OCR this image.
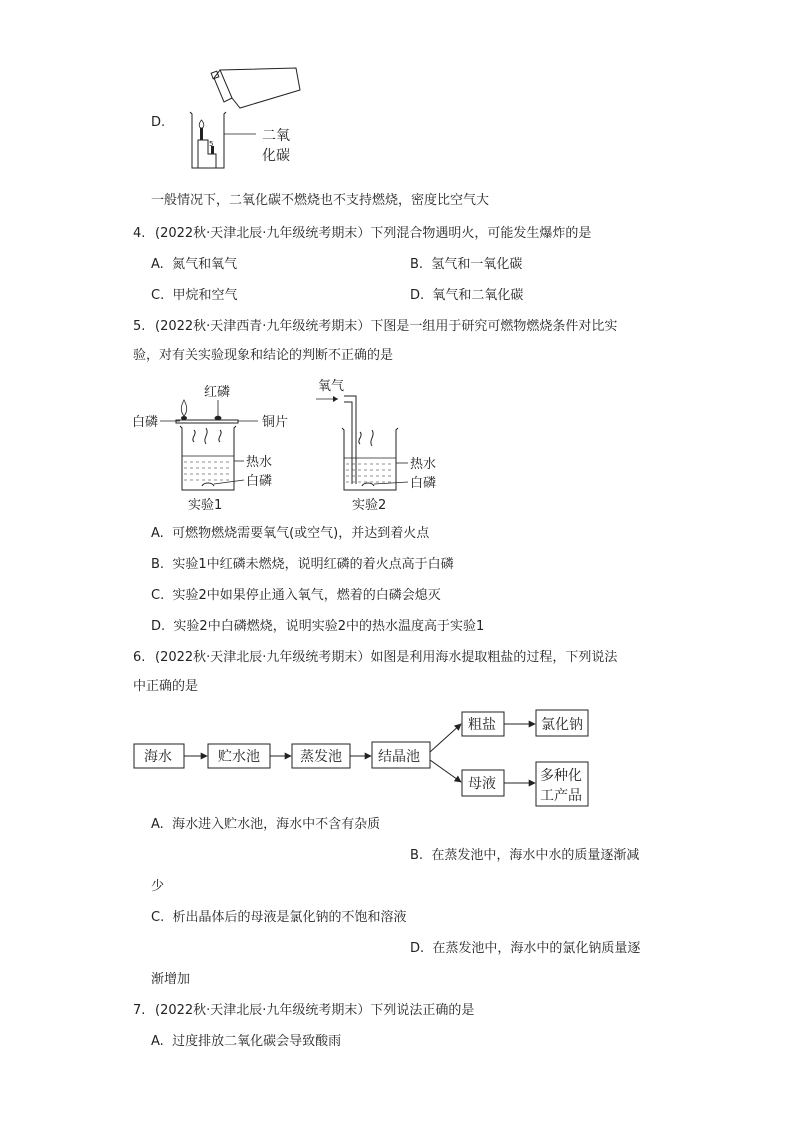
D.
5	二氧
化碳
一般情况下，二氧化碳不燃烧也不支持燃烧，密度比空气大
4. (2022秋·天津北辰·九年级统考期末）下列混合物遇明火，可能发生爆炸的是
A. 氮气和氧气	B. 氢气和一氧化碳
C. 甲烷和空气	D. 氧气和二氧化碳
5. (2022秋·天津西青·九年级统考期末）下图是一组用于研究可燃物燃烧条件对比实
验，对有关实验现象和结论的判断不正确的是
红磷
白磷	铜片
热水
白磷
实验1
氧气
热水
白磷
实验2
A. 可燃物燃烧需要氧气(或空气)，并达到着火点
B. 实验1中红磷未燃烧，说明红磷的着火点高于白磷
C. 实验2中如果停止通入氧气，燃着的白磷会熄灭
D. 实验2中白磷燃烧，说明实验2中的热水温度高于实验1
6. (2022秋·天津北辰·九年级统考期末）如图是利用海水提取粗盐的过程，下列说法
中正确的是
海水	贮水池	蒸发池	结晶池
粗盐	氯化钠
母液	多种化
工产品
A. 海水进入贮水池，海水中不含有杂质
B. 在蒸发池中，海水中水的质量逐渐减
少
C. 析出晶体后的母液是氯化钠的不饱和溶液
D. 在蒸发池中，海水中的氯化钠质量逐
渐增加
7. (2022秋·天津北辰·九年级统考期末）下列说法正确的是
A. 过度排放二氧化碳会导致酸雨
